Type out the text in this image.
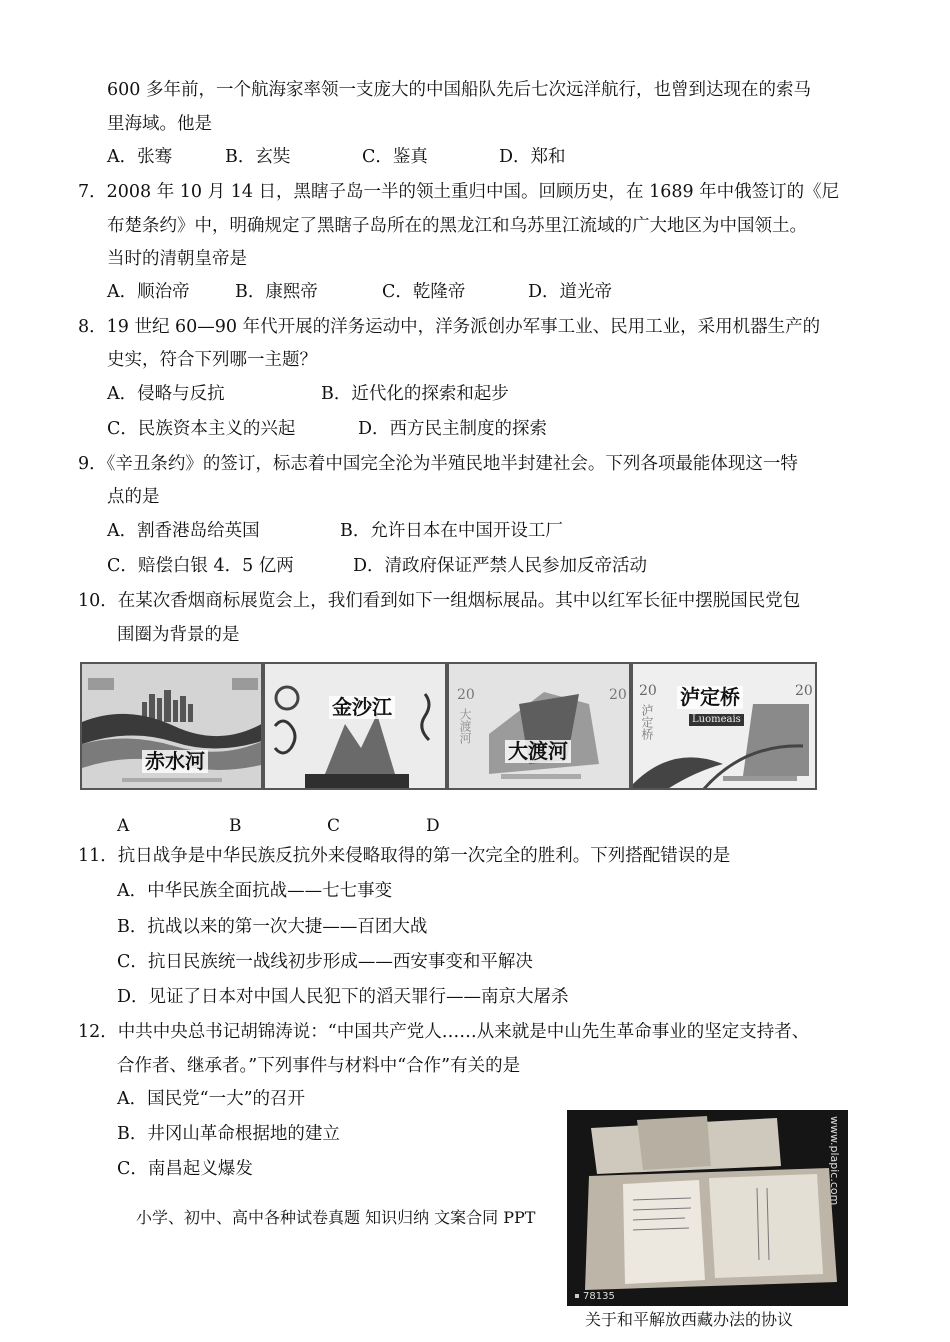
600 多年前，一个航海家率领一支庞大的中国船队先后七次远洋航行，也曾到达现在的索马
里海域。他是
A．张骞	B．玄奘	C．鉴真	D．郑和
7．2008 年 10 月 14 日，黑瞎子岛一半的领土重归中国。回顾历史，在 1689 年中俄签订的《尼
布楚条约》中，明确规定了黑瞎子岛所在的黑龙江和乌苏里江流域的广大地区为中国领土。
当时的清朝皇帝是
A．顺治帝	B．康熙帝	C．乾隆帝	D．道光帝
8．19 世纪 60—90 年代开展的洋务运动中，洋务派创办军事工业、民用工业，采用机器生产的
史实，符合下列哪一主题？
A．侵略与反抗	B．近代化的探索和起步
C．民族资本主义的兴起	D．西方民主制度的探索
9．《辛丑条约》的签订，标志着中国完全沦为半殖民地半封建社会。下列各项最能体现这一特
点的是
A．割香港岛给英国	B．允许日本在中国开设工厂
C．赔偿白银 4．5 亿两	D．清政府保证严禁人民参加反帝活动
10．在某次香烟商标展览会上，我们看到如下一组烟标展品。其中以红军长征中摆脱国民党包
围圈为背景的是
赤水河
金沙江	20	20
大渡河
大渡河
20	20
泸定桥
泸定桥
Luomeais
A	B	C	D
11．抗日战争是中华民族反抗外来侵略取得的第一次完全的胜利。下列搭配错误的是
A．中华民族全面抗战——七七事变
B．抗战以来的第一次大捷——百团大战
C．抗日民族统一战线初步形成——西安事变和平解决
D．见证了日本对中国人民犯下的滔天罪行——南京大屠杀
12．中共中央总书记胡锦涛说：“中国共产党人……从来就是中山先生革命事业的坚定支持者、
合作者、继承者。”下列事件与材料中“合作”有关的是
A．国民党“一大”的召开
B．井冈山革命根据地的建立
C．南昌起义爆发
小学、初中、高中各种试卷真题 知识归纳 文案合同 PPT
www.plapic.com
78135
关于和平解放西藏办法的协议
